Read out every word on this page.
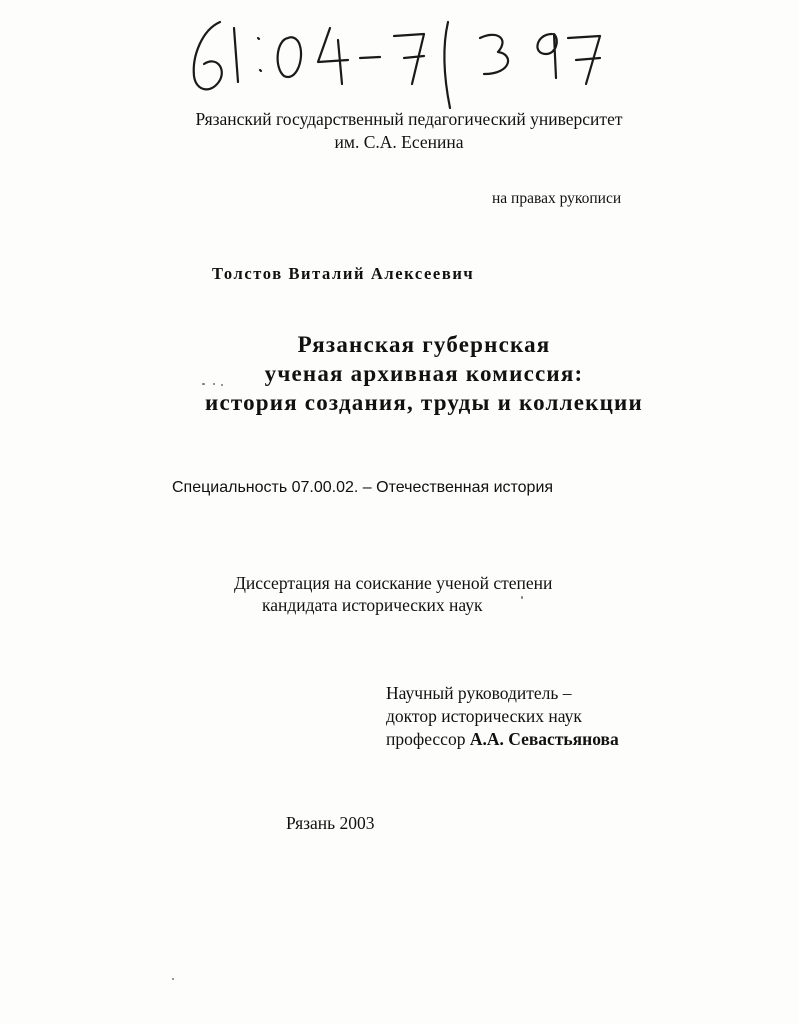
Рязанский государственный педагогический университет
им. С.А. Есенина

на правах рукописи

Толстов Виталий Алексеевич

Рязанская губернская
ученая архивная комиссия:
история создания, труды и коллекции

Специальность 07.00.02. – Отечественная история

Диссертация на соискание ученой степени
кандидата исторических наук

Научный руководитель –
доктор исторических наук
профессор А.А. Севастьянова

Рязань 2003
